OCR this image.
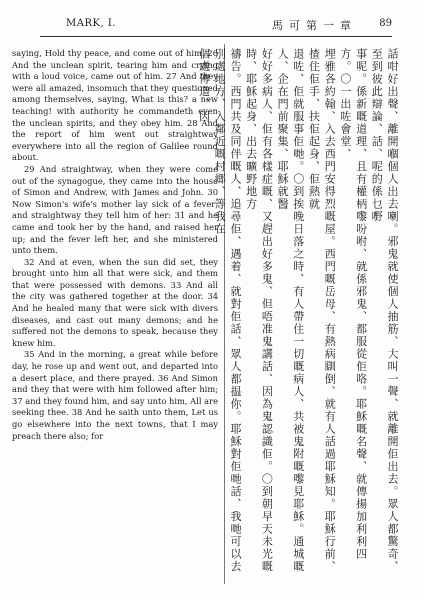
MARK, I.	馬可第一章 89

saying, Hold thy peace, and come out of him. 26 And the unclean spirit, tearing him and crying with a loud voice, came out of him. 27 And they were all amazed, insomuch that they questioned among themselves, saying, What is this? a new teaching! with authority he commandeth even the unclean spirits, and they obey him. 28 And the report of him went out straightway everywhere into all the region of Galilee round about.

29 And straightway, when they were come out of the synagogue, they came into the house of Simon and Andrew, with James and John. 30 Now Simon's wife's mother lay sick of a fever; and straightway they tell him of her: 31 and he came and took her by the hand, and raised her up; and the fever left her, and she ministered unto them.

32 And at even, when the sun did set, they brought unto him all that were sick, and them that were possessed with demons. 33 And all the city was gathered together at the door. 34 And he healed many that were sick with divers diseases, and cast out many demons; and he suffered not the demons to speak, because they knew him.

35 And in the morning, a great while before day, he rose up and went out, and departed into a desert place, and there prayed. 36 And Simon and they that were with him followed after him; 37 and they found him, and say unto him, All are seeking thee. 38 And he saith unto them, Let us go elsewhere into the next towns, that I may preach there also; for	話咁好出聲、離開嗰個人出去喇。邪鬼就使個人抽筋、大叫一聲、就離開佢出去。眾人都驚奇、至到彼此辯論、話、呢的係乜嘢
事呢。係新嘅道理、且有權柄嚟吩咐、就係邪鬼、都服從佢咯。耶穌嘅名聲、就傳揚加利利四方。〇一出咗會堂、
埋雅各約翰、入去西門安得烈嘅屋。西門嘅岳母、有熱病瞓倒、就有人話過耶穌知。耶穌行前、揸住佢手、扶佢起身、佢熱就
退咗、佢就服事佢哋。〇到挨晚日落之時、有人帶住一切嘅病人、共被鬼附嘅嚟見耶穌。通城嘅人、企在門前聚集、耶穌就醫
好好多病人、佢有各樣症嘅、又趕出好多鬼、但唔准鬼講話、因為鬼認識佢。〇到朝早天未光嘅時、耶穌起身、出去曠野地方
禱告。西門共及同伴嘅人、追尋佢、遇着、就對佢話、眾人都揾你。耶穌對佢哋話、我哋可以去別處地方、入鄰近嘅村鄉、等我在
個處傳道、因
